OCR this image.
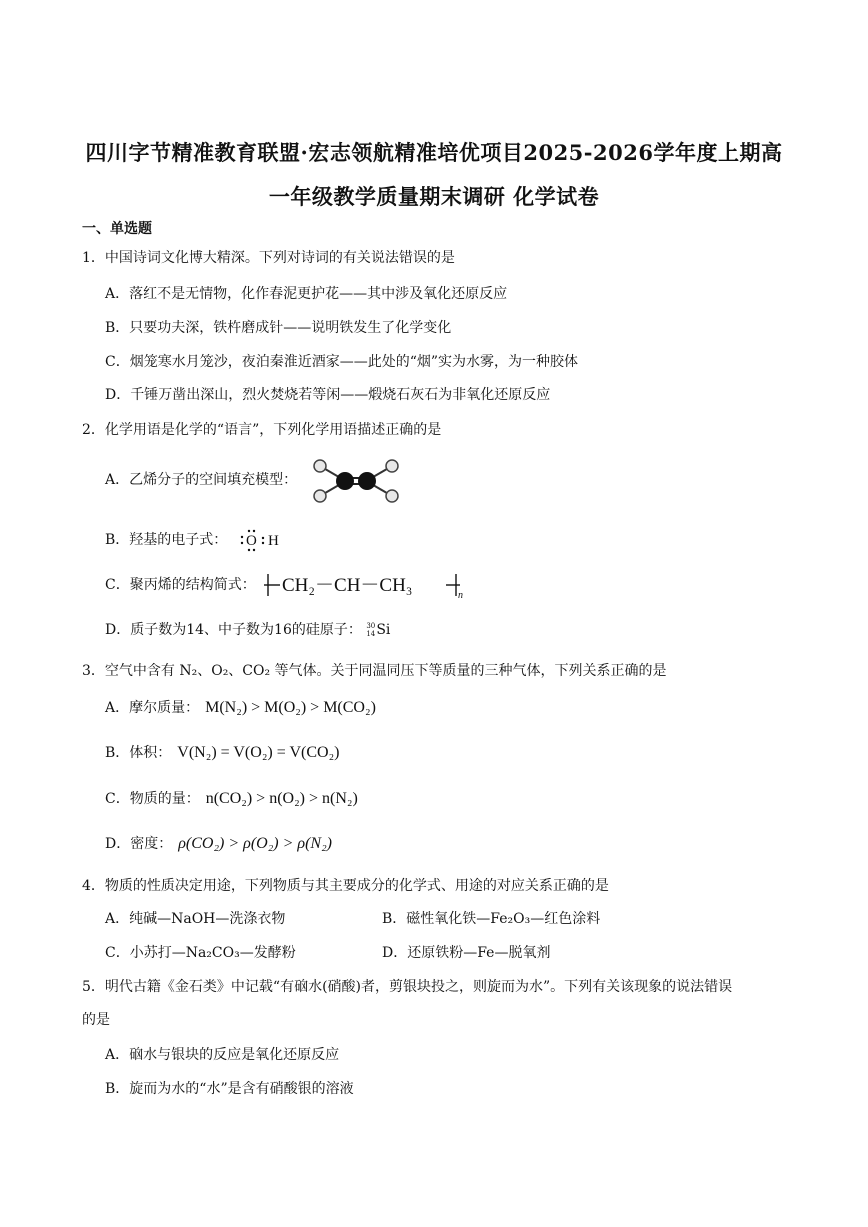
四川字节精准教育联盟·宏志领航精准培优项目2025-2026学年度上期高
一年级教学质量期末调研 化学试卷
一、单选题
1．中国诗词文化博大精深。下列对诗词的有关说法错误的是
A．落红不是无情物，化作春泥更护花——其中涉及氧化还原反应
B．只要功夫深，铁杵磨成针——说明铁发生了化学变化
C．烟笼寒水月笼沙，夜泊秦淮近酒家——此处的“烟”实为水雾，为一种胶体
D．千锤万凿出深山，烈火焚烧若等闲——煅烧石灰石为非氧化还原反应
2．化学用语是化学的“语言”，下列化学用语描述正确的是
A．乙烯分子的空间填充模型：
B．羟基的电子式： O H
C．聚丙烯的结构简式： CH₂－CH－CH₃	n
D．质子数为14、中子数为16的硅原子： 30
14 Si
3．空气中含有 N₂、O₂、CO₂ 等气体。关于同温同压下等质量的三种气体，下列关系正确的是
A．摩尔质量： M(N₂) > M(O₂) > M(CO₂)
B．体积： V(N₂) = V(O₂) = V(CO₂)
C．物质的量： n(CO₂) > n(O₂) > n(N₂)
D．密度： ρ(CO₂) > ρ(O₂) > ρ(N₂)
4．物质的性质决定用途，下列物质与其主要成分的化学式、用途的对应关系正确的是
A．纯碱—NaOH—洗涤衣物	B．磁性氧化铁—Fe₂O₃—红色涂料
C．小苏打—Na₂CO₃—发酵粉	D．还原铁粉—Fe—脱氧剂
5．明代古籍《金石类》中记载“有硇水(硝酸)者，剪银块投之，则旋而为水”。下列有关该现象的说法错误
的是
A．硇水与银块的反应是氧化还原反应
B．旋而为水的“水”是含有硝酸银的溶液
